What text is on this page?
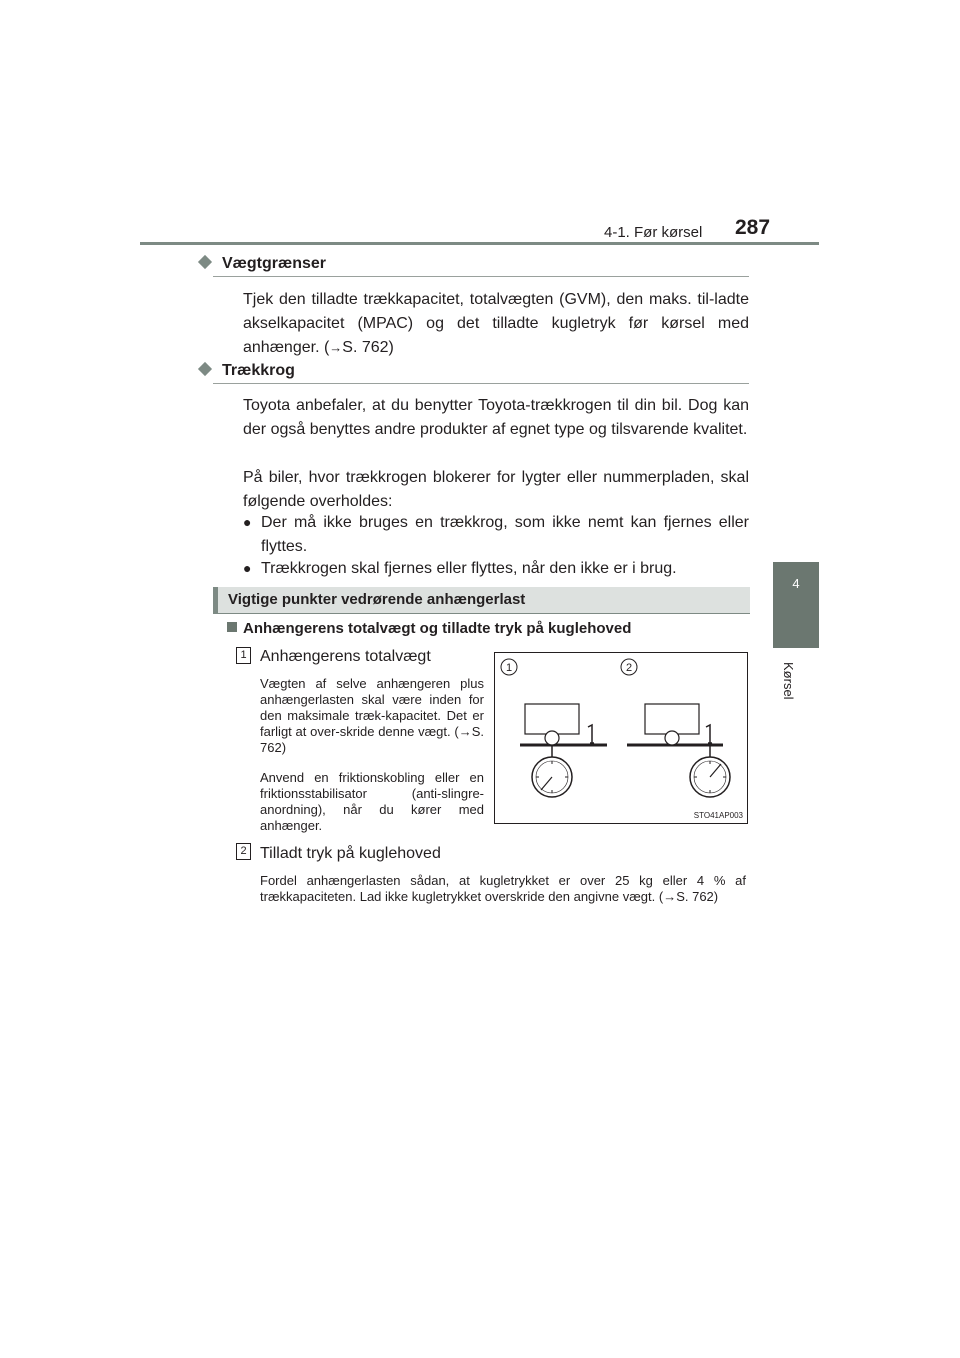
4-1. Før kørsel 287
4
Kørsel
Vægtgrænser
Tjek den tilladte trækkapacitet, totalvægten (GVM), den maks. til-ladte akselkapacitet (MPAC) og det tilladte kugletryk før kørsel med anhænger. (→S. 762)
Trækkrog
Toyota anbefaler, at du benytter Toyota-trækkrogen til din bil. Dog kan der også benyttes andre produkter af egnet type og tilsvarende kvalitet.
På biler, hvor trækkrogen blokerer for lygter eller nummerpladen, skal følgende overholdes:
● Der må ikke bruges en trækkrog, som ikke nemt kan fjernes eller flyttes.
● Trækkrogen skal fjernes eller flyttes, når den ikke er i brug.
Vigtige punkter vedrørende anhængerlast
Anhængerens totalvægt og tilladte tryk på kuglehoved
1 Anhængerens totalvægt
Vægten af selve anhængeren plus anhængerlasten skal være inden for den maksimale træk-kapacitet. Det er farligt at over-skride denne vægt. (→S. 762)
Anvend en friktionskobling eller en friktionsstabilisator (anti-slingre-anordning), når du kører med anhænger.
1	2
STO41AP003
2 Tilladt tryk på kuglehoved
Fordel anhængerlasten sådan, at kugletrykket er over 25 kg eller 4 % af trækkapaciteten. Lad ikke kugletrykket overskride den angivne vægt. (→S. 762)
